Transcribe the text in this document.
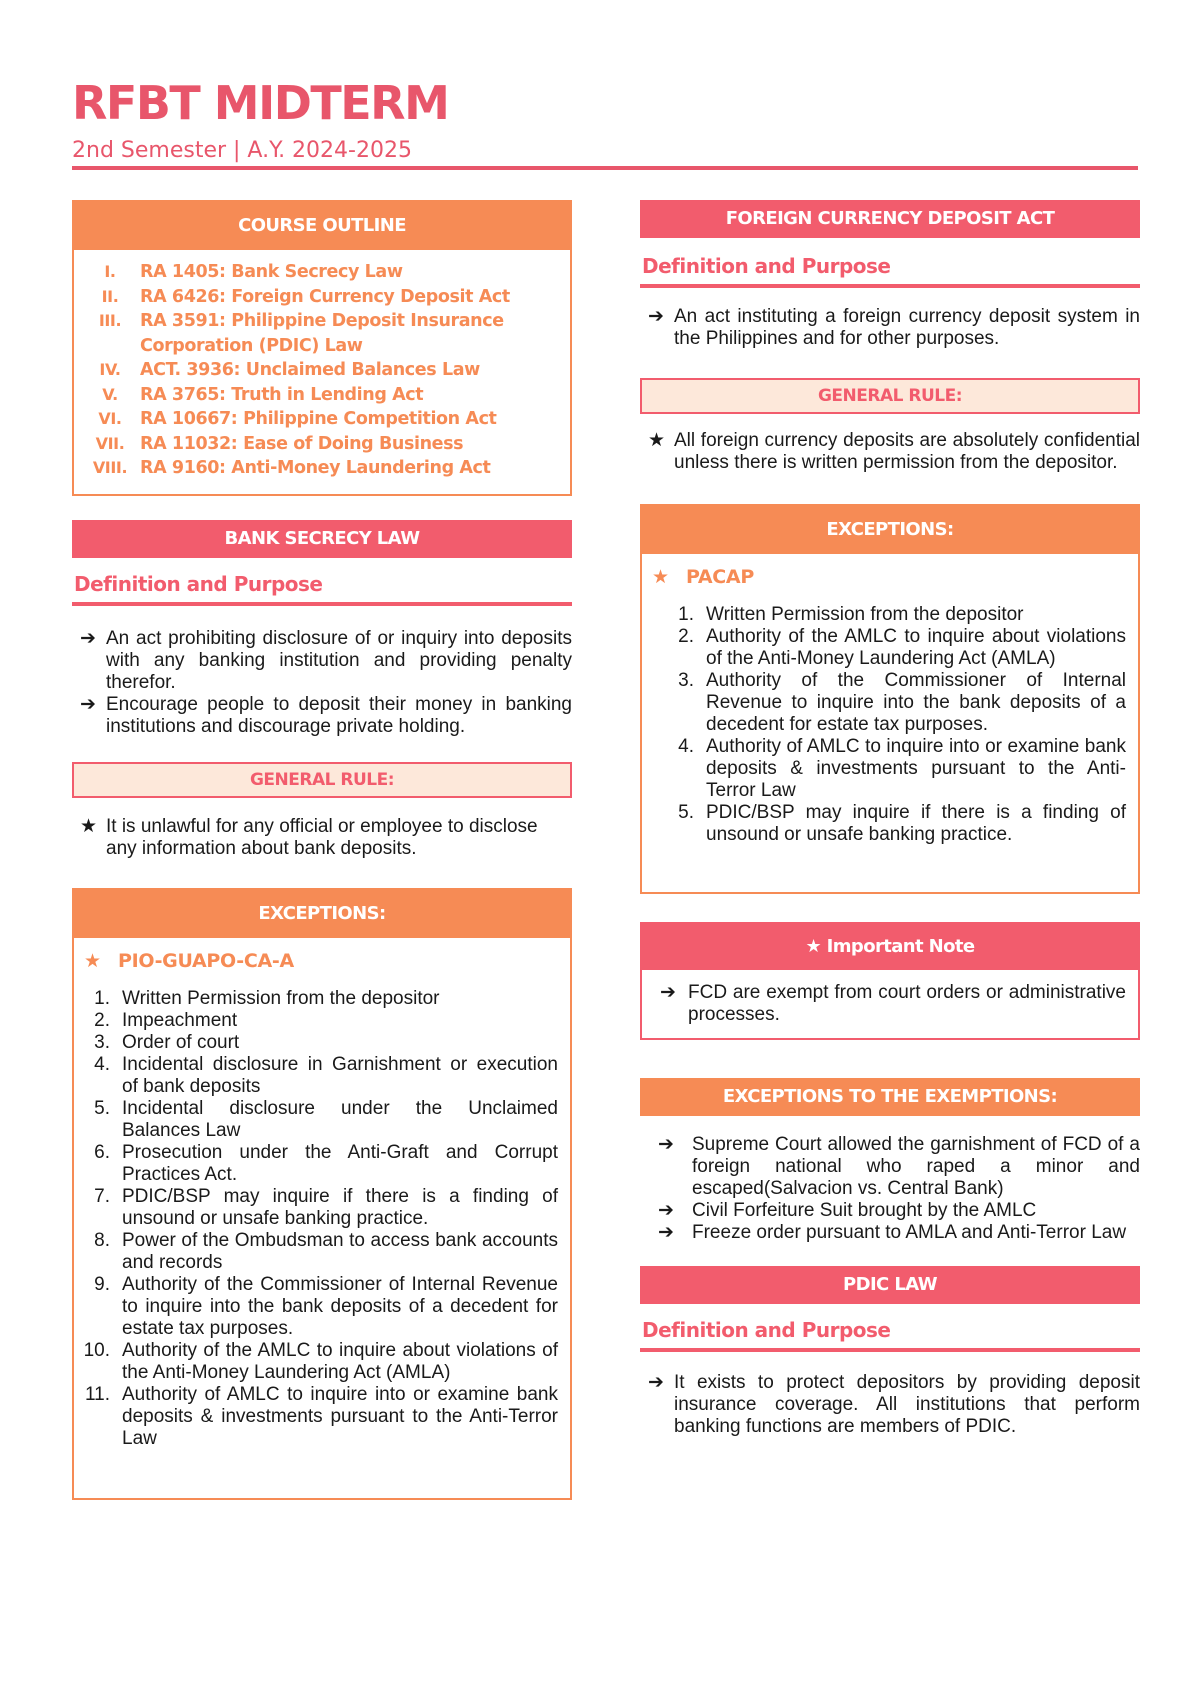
RFBT MIDTERM
2nd Semester | A.Y. 2024-2025
COURSE OUTLINE
I.	RA 1405: Bank Secrecy Law
II.	RA 6426: Foreign Currency Deposit Act
III.	RA 3591: Philippine Deposit Insurance Corporation (PDIC) Law
IV.	ACT. 3936: Unclaimed Balances Law
V.	RA 3765: Truth in Lending Act
VI.	RA 10667: Philippine Competition Act
VII. RA 11032: Ease of Doing Business
VIII. RA 9160: Anti-Money Laundering Act
BANK SECRECY LAW
Definition and Purpose
➔ An act prohibiting disclosure of or inquiry into deposits with any banking institution and providing penalty therefor.
➔ Encourage people to deposit their money in banking institutions and discourage private holding.
GENERAL RULE:
★ It is unlawful for any official or employee to disclose any information about bank deposits.
EXCEPTIONS:
★ PIO-GUAPO-CA-A
1. Written Permission from the depositor
2. Impeachment
3. Order of court
4. Incidental disclosure in Garnishment or execution of bank deposits
5. Incidental disclosure under the Unclaimed Balances Law
6. Prosecution under the Anti-Graft and Corrupt Practices Act.
7. PDIC/BSP may inquire if there is a finding of unsound or unsafe banking practice.
8. Power of the Ombudsman to access bank accounts and records
9. Authority of the Commissioner of Internal Revenue to inquire into the bank deposits of a decedent for estate tax purposes.
10. Authority of the AMLC to inquire about violations of the Anti-Money Laundering Act (AMLA)
11. Authority of AMLC to inquire into or examine bank deposits & investments pursuant to the Anti-Terror Law
FOREIGN CURRENCY DEPOSIT ACT
Definition and Purpose
➔ An act instituting a foreign currency deposit system in the Philippines and for other purposes.
GENERAL RULE:
★ All foreign currency deposits are absolutely confidential unless there is written permission from the depositor.
EXCEPTIONS:
★ PACAP
1. Written Permission from the depositor
2. Authority of the AMLC to inquire about violations of the Anti-Money Laundering Act (AMLA)
3. Authority of the Commissioner of Internal Revenue to inquire into the bank deposits of a decedent for estate tax purposes.
4. Authority of AMLC to inquire into or examine bank deposits & investments pursuant to the Anti-Terror Law
5. PDIC/BSP may inquire if there is a finding of unsound or unsafe banking practice.
★ Important Note
➔ FCD are exempt from court orders or administrative processes.
EXCEPTIONS TO THE EXEMPTIONS:
➔ Supreme Court allowed the garnishment of FCD of a foreign national who raped a minor and escaped(Salvacion vs. Central Bank)
➔ Civil Forfeiture Suit brought by the AMLC
➔ Freeze order pursuant to AMLA and Anti-Terror Law
PDIC LAW
Definition and Purpose
➔ It exists to protect depositors by providing deposit insurance coverage. All institutions that perform banking functions are members of PDIC.
